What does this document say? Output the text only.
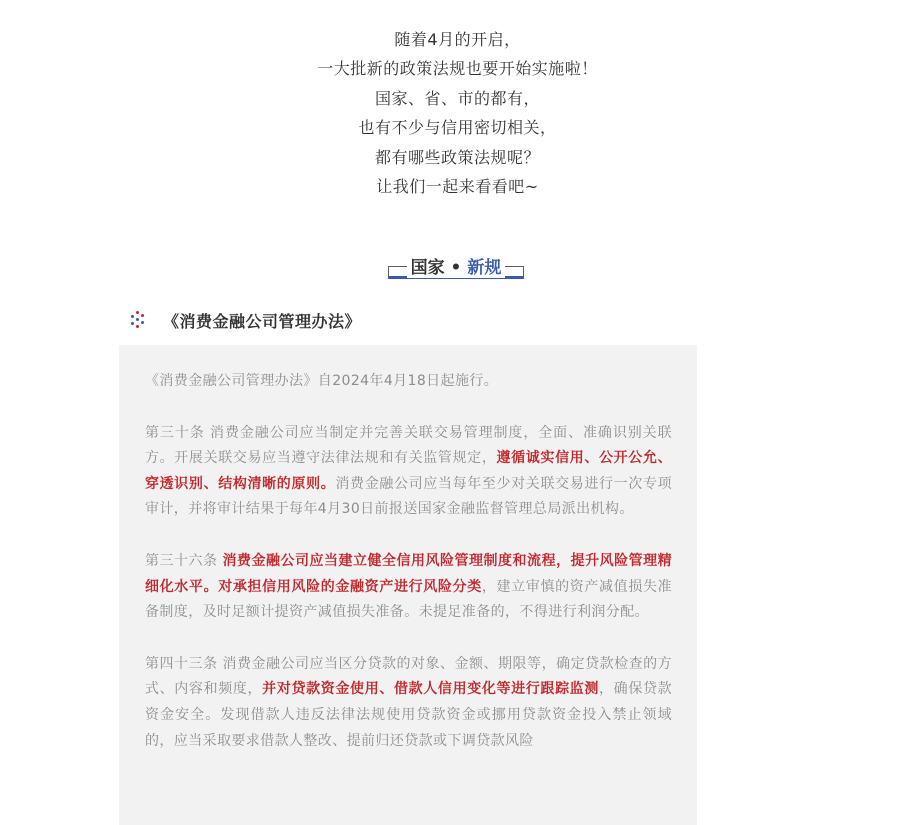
随着4月的开启，

一大批新的政策法规也要开始实施啦！

国家、省、市的都有，

也有不少与信用密切相关，

都有哪些政策法规呢？

让我们一起来看看吧~

国家 • 新规
《消费金融公司管理办法》

《消费金融公司管理办法》自2024年4月18日起施行。

第三十条 消费金融公司应当制定并完善关联交易管理制度，全面、准确识别关联方。开展关联交易应当遵守法律法规和有关监管规定，遵循诚实信用、公开公允、穿透识别、结构清晰的原则。消费金融公司应当每年至少对关联交易进行一次专项审计，并将审计结果于每年4月30日前报送国家金融监督管理总局派出机构。

第三十六条 消费金融公司应当建立健全信用风险管理制度和流程，提升风险管理精细化水平。对承担信用风险的金融资产进行风险分类，建立审慎的资产减值损失准备制度，及时足额计提资产减值损失准备。未提足准备的，不得进行利润分配。

第四十三条 消费金融公司应当区分贷款的对象、金额、期限等，确定贷款检查的方式、内容和频度，并对贷款资金使用、借款人信用变化等进行跟踪监测，确保贷款资金安全。发现借款人违反法律法规使用贷款资金或挪用贷款资金投入禁止领域的，应当采取要求借款人整改、提前归还贷款或下调贷款风险
